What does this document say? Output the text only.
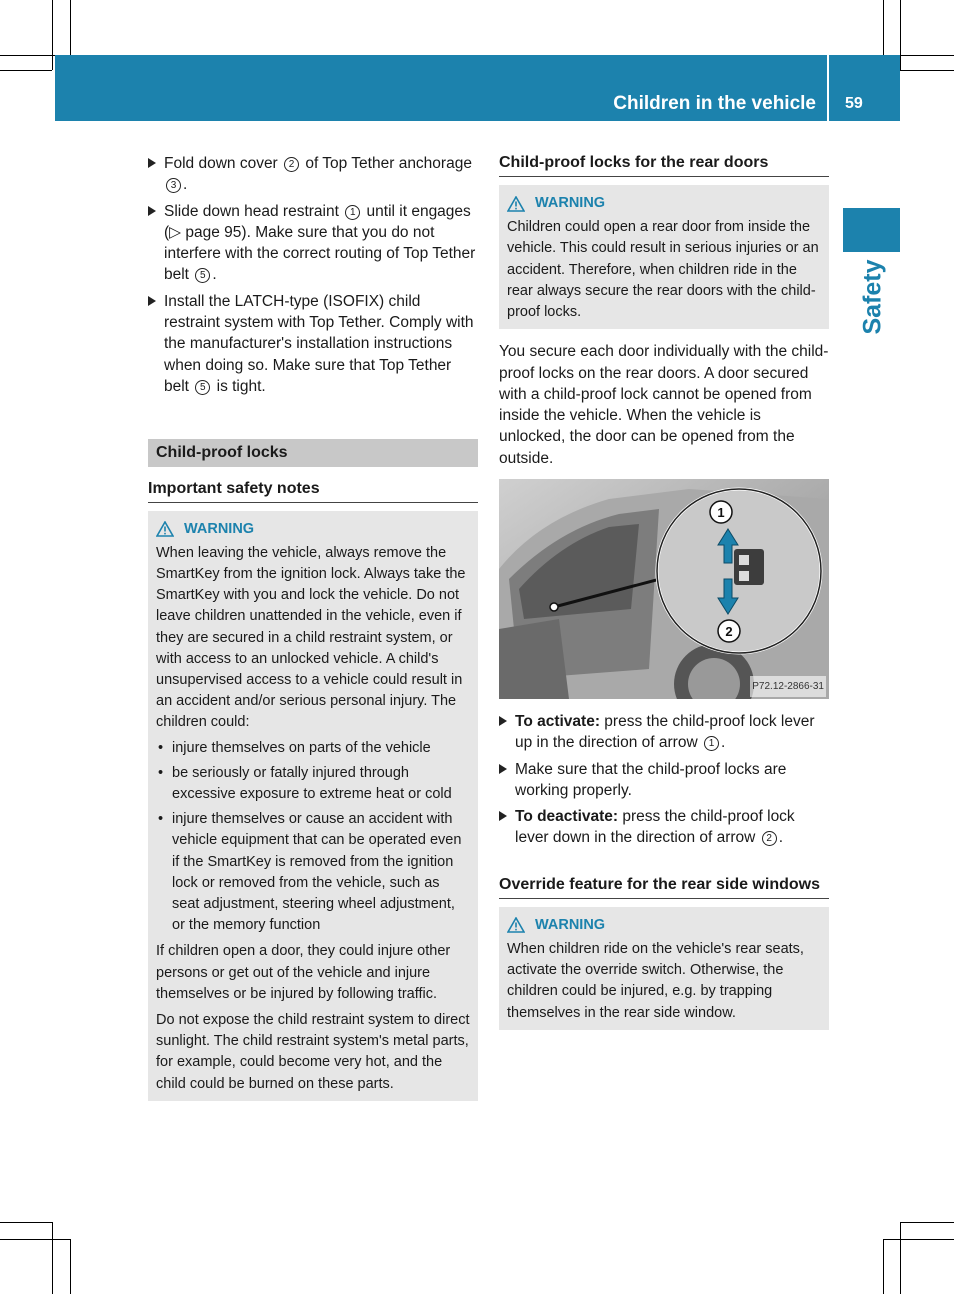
Children in the vehicle 59
Safety
Fold down cover 2 of Top Tether anchorage 3 .
Slide down head restraint 1 until it engages (▷ page 95). Make sure that you do not interfere with the correct routing of Top Tether belt 5 .
Install the LATCH-type (ISOFIX) child restraint system with Top Tether. Comply with the manufacturer's installation instructions when doing so. Make sure that Top Tether belt 5 is tight.
Child-proof locks
Important safety notes
WARNING
When leaving the vehicle, always remove the SmartKey from the ignition lock. Always take the SmartKey with you and lock the vehicle. Do not leave children unattended in the vehicle, even if they are secured in a child restraint system, or with access to an unlocked vehicle. A child's unsupervised access to a vehicle could result in an accident and/or serious personal injury. The children could:
• injure themselves on parts of the vehicle
• be seriously or fatally injured through excessive exposure to extreme heat or cold
• injure themselves or cause an accident with vehicle equipment that can be operated even if the SmartKey is removed from the ignition lock or removed from the vehicle, such as seat adjustment, steering wheel adjustment, or the memory function
If children open a door, they could injure other persons or get out of the vehicle and injure themselves or be injured by following traffic.
Do not expose the child restraint system to direct sunlight. The child restraint system's metal parts, for example, could become very hot, and the child could be burned on these parts.
Child-proof locks for the rear doors
WARNING
Children could open a rear door from inside the vehicle. This could result in serious injuries or an accident. Therefore, when children ride in the rear always secure the rear doors with the child-proof locks.
You secure each door individually with the child-proof locks on the rear doors. A door secured with a child-proof lock cannot be opened from inside the vehicle. When the vehicle is unlocked, the door can be opened from the outside.
1
2
P72.12-2866-31
To activate: press the child-proof lock lever up in the direction of arrow 1 .
Make sure that the child-proof locks are working properly.
To deactivate: press the child-proof lock lever down in the direction of arrow 2 .
Override feature for the rear side windows
WARNING
When children ride on the vehicle's rear seats, activate the override switch. Otherwise, the children could be injured, e.g. by trapping themselves in the rear side window.
